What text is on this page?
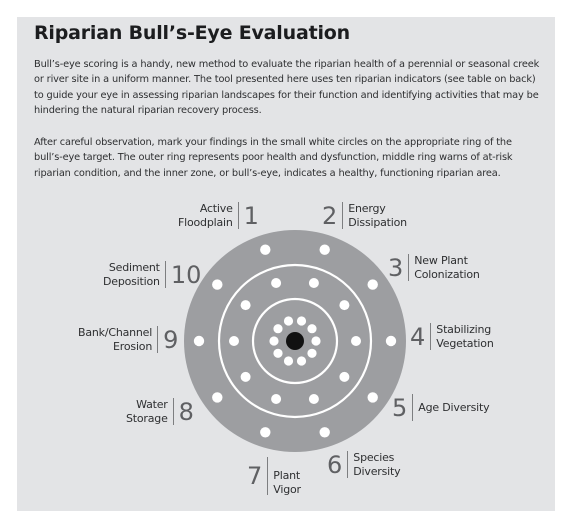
Riparian Bull’s-Eye Evaluation

Bull’s-eye scoring is a handy, new method to evaluate the riparian health of a perennial or seasonal creek or river site in a uniform manner. The tool presented here uses ten riparian indicators (see table on back) to guide your eye in assessing riparian landscapes for their function and identifying activities that may be hindering the natural riparian recovery process.

After careful observation, mark your findings in the small white circles on the appropriate ring of the bull’s-eye target. The outer ring represents poor health and dysfunction, middle ring warns of at-risk riparian condition, and the inner zone, or bull’s-eye, indicates a healthy, functioning riparian area.

Active
Floodplain 1	2 Energy
Dissipation
3 New Plant
Colonization
4 Stabilizing
Vegetation
5 Age Diversity
6 Species
Diversity
7 Plant
Vigor
Water
Storage 8
Bank/Channel
Erosion 9
Sediment
Deposition 10
